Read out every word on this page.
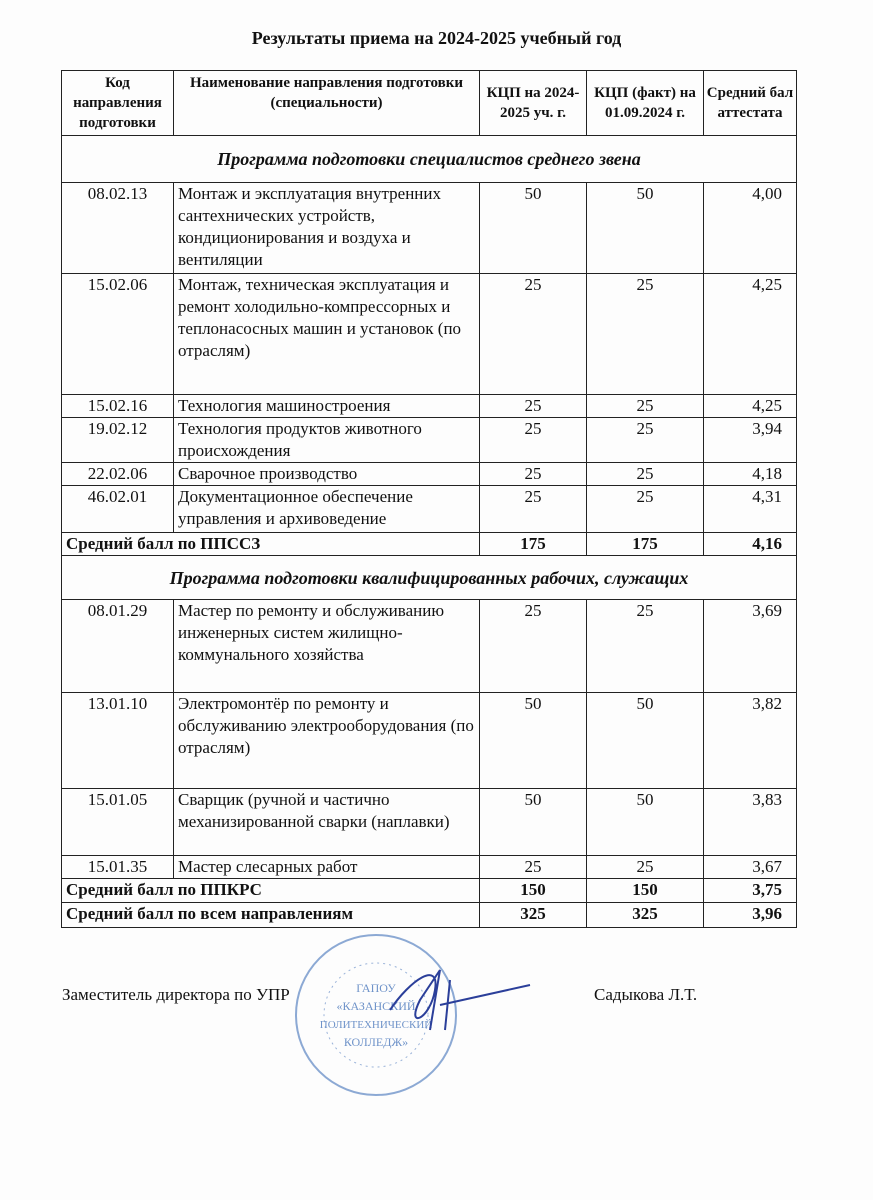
Результаты приема на 2024-2025 учебный год
Код направления подготовки	Наименование направления подготовки (специальности)	КЦП на 2024-2025 уч. г.	КЦП (факт) на 01.09.2024 г.	Средний бал аттестата
Программа подготовки специалистов среднего звена				
08.02.13	Монтаж и эксплуатация внутренних сантехнических устройств, кондиционирования и воздуха и вентиляции	50	50	4,00
15.02.06	Монтаж, техническая эксплуатация и ремонт холодильно-компрессорных и теплонасосных машин и установок (по отраслям)	25	25	4,25
15.02.16	Технология машиностроения	25	25	4,25
19.02.12	Технология продуктов животного происхождения	25	25	3,94
22.02.06	Сварочное производство	25	25	4,18
46.02.01	Документационное обеспечение управления и архивоведение	25	25	4,31
Средний балл по ППССЗ		175	175	4,16
Программа подготовки квалифицированных рабочих, служащих				
08.01.29	Мастер по ремонту и обслуживанию инженерных систем жилищно-коммунального хозяйства	25	25	3,69
13.01.10	Электромонтёр по ремонту и обслуживанию электрооборудования (по отраслям)	50	50	3,82
15.01.05	Сварщик (ручной и частично механизированной сварки (наплавки)	50	50	3,83
15.01.35	Мастер слесарных работ	25	25	3,67
Средний балл по ППКРС		150	150	3,75
Средний балл по всем направлениям		325	325	3,96
ГАПОУ
«КАЗАНСКИЙ
ПОЛИТЕХНИЧЕСКИЙ
КОЛЛЕДЖ»
Заместитель директора по УПР	Садыкова Л.Т.
